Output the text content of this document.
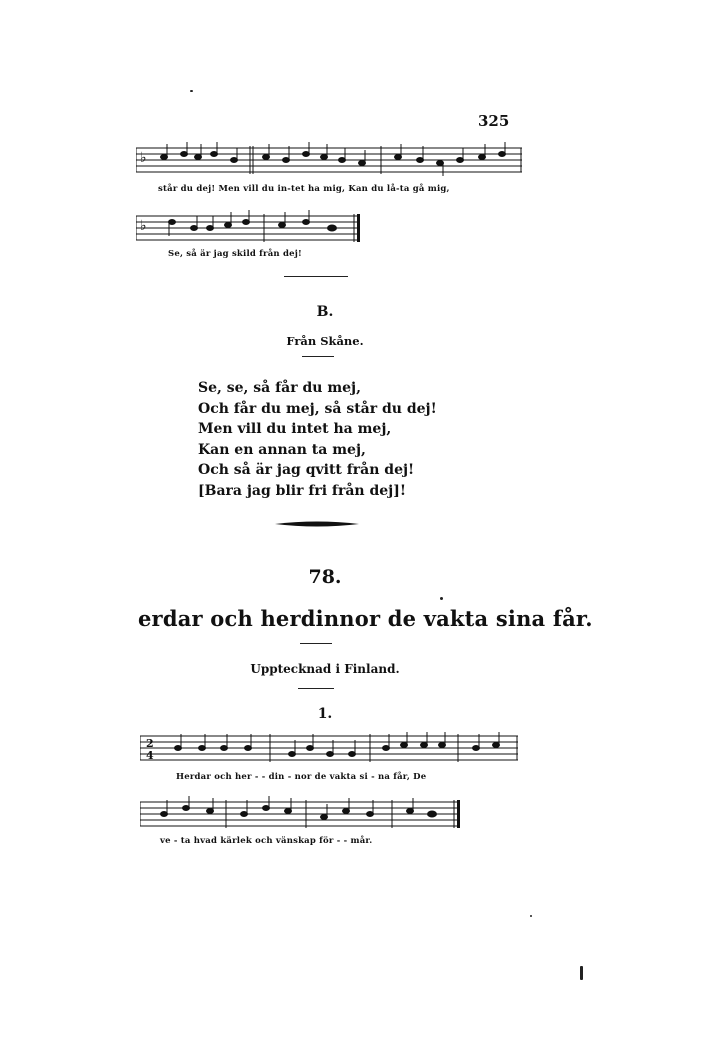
325
♭
står du dej! Men vill du in-tet ha mig, Kan du lå-ta gå mig,
♭
Se, så är jag skild från dej!
B.
Från Skåne.
Se, se, så får du mej,
Och får du mej, så står du dej!
Men vill du intet ha mej,
Kan en annan ta mej,
Och så är jag qvitt från dej!
[Bara jag blir fri från dej]!
78.
erdar och herdinnor de vakta sina får.
Upptecknad i Finland.
1.
2
4
Herdar och her - - din - nor de vakta si - na får, De
ve - ta hvad kärlek och vänskap för - - mår.
